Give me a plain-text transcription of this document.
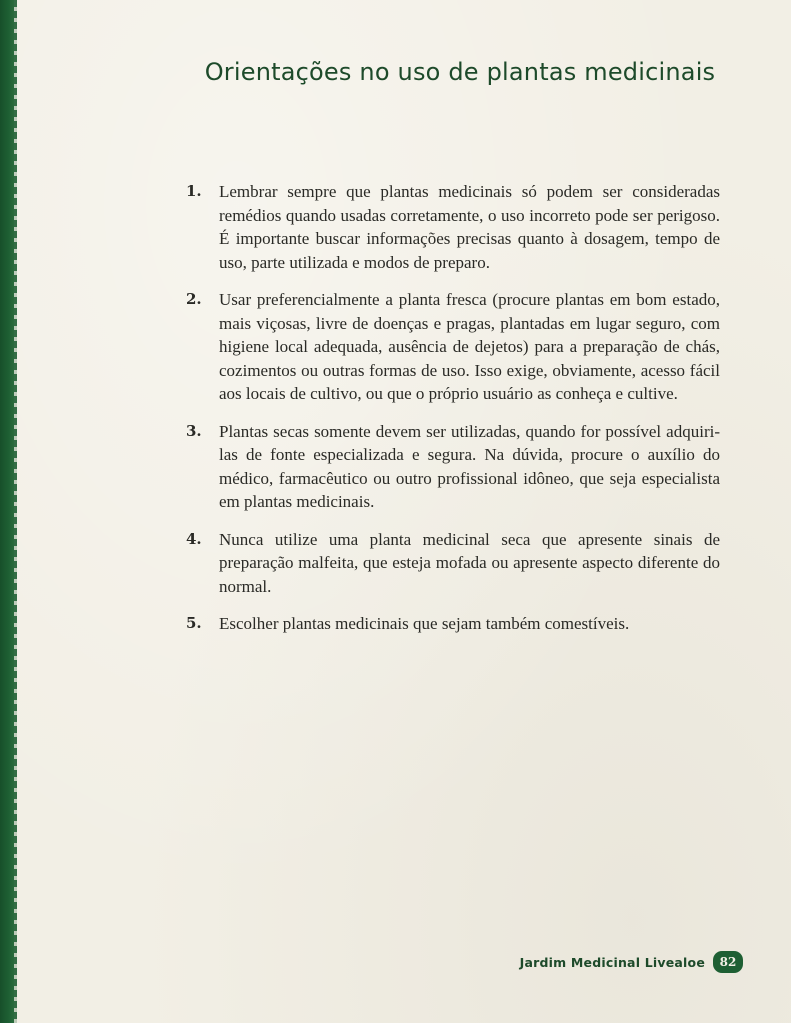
Orientações no uso de plantas medicinais
1.	Lembrar sempre que plantas medicinais só podem ser consideradas remédios quando usadas corretamente, o uso incorreto pode ser perigoso. É importante buscar informações precisas quanto à dosagem, tempo de uso, parte utilizada e modos de preparo.

2.	Usar preferencialmente a planta fresca (procure plantas em bom estado, mais viçosas, livre de doenças e pragas, plantadas em lugar seguro, com higiene local adequada, ausência de dejetos) para a preparação de chás, cozimentos ou outras formas de uso. Isso exige, obviamente, acesso fácil aos locais de cultivo, ou que o próprio usuário as conheça e cultive.

3.	Plantas secas somente devem ser utilizadas, quando for possível adquiri-las de fonte especializada e segura. Na dúvida, procure o auxílio do médico, farmacêutico ou outro profissional idôneo, que seja especialista em plantas medicinais.

4.	Nunca utilize uma planta medicinal seca que apresente sinais de preparação malfeita, que esteja mofada ou apresente aspecto diferente do normal.

5.	Escolher plantas medicinais que sejam também comestíveis.

Jardim Medicinal Livealoe	82
